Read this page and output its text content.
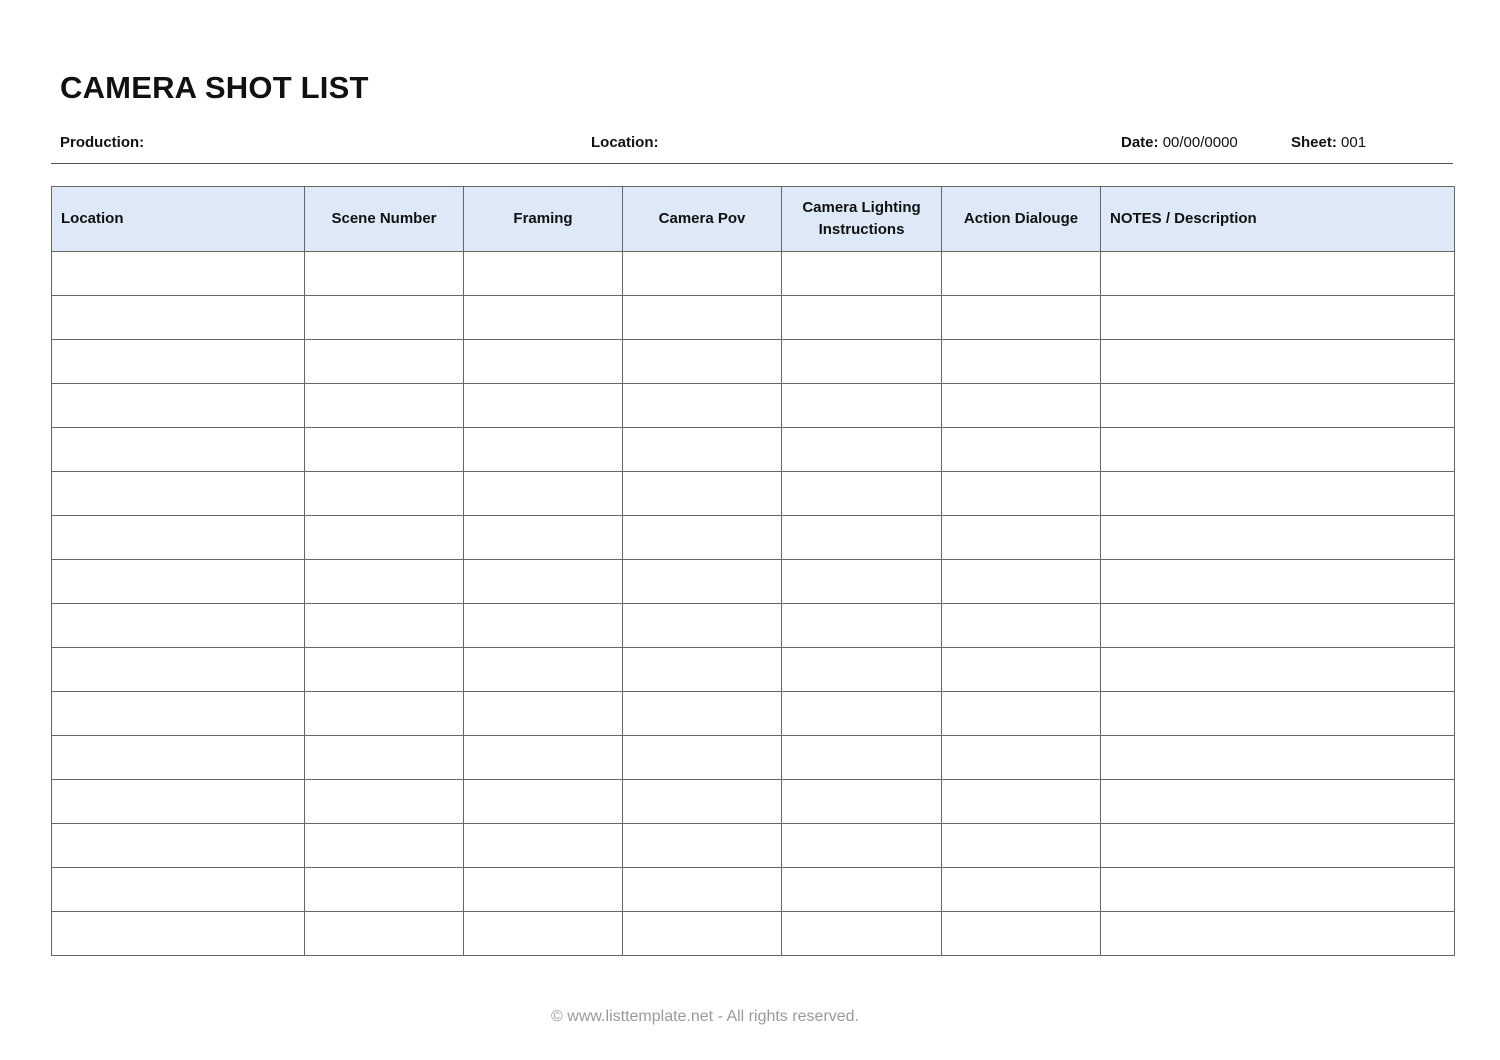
CAMERA SHOT LIST
Production:	Location:	Date: 00/00/0000	Sheet: 001
Location	Scene Number	Framing	Camera Pov	Camera Lighting Instructions	Action Dialouge	NOTES / Description

© www.listtemplate.net - All rights reserved.
